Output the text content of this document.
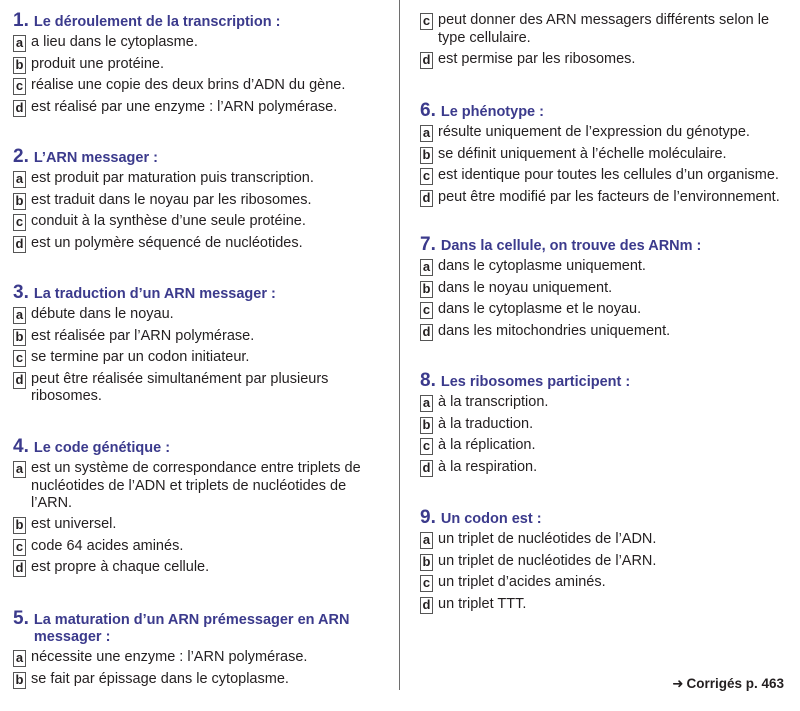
1. Le déroulement de la transcription :
a a lieu dans le cytoplasme.
b produit une protéine.
c réalise une copie des deux brins d’ADN du gène.
d est réalisé par une enzyme : l’ARN polymérase.
2. L’ARN messager :
a est produit par maturation puis transcription.
b est traduit dans le noyau par les ribosomes.
c conduit à la synthèse d’une seule protéine.
d est un polymère séquencé de nucléotides.
3. La traduction d’un ARN messager :
a débute dans le noyau.
b est réalisée par l’ARN polymérase.
c se termine par un codon initiateur.
d peut être réalisée simultanément par plusieurs ribosomes.
4. Le code génétique :
a est un système de correspondance entre triplets de nucléotides de l’ADN et triplets de nucléotides de l’ARN.
b est universel.
c code 64 acides aminés.
d est propre à chaque cellule.
5. La maturation d’un ARN prémessager en ARN messager :
a nécessite une enzyme : l’ARN polymérase.
b se fait par épissage dans le cytoplasme.
c peut donner des ARN messagers différents selon le type cellulaire.
d est permise par les ribosomes.
6. Le phénotype :
a résulte uniquement de l’expression du génotype.
b se définit uniquement à l’échelle moléculaire.
c est identique pour toutes les cellules d’un organisme.
d peut être modifié par les facteurs de l’environnement.
7. Dans la cellule, on trouve des ARNm :
a dans le cytoplasme uniquement.
b dans le noyau uniquement.
c dans le cytoplasme et le noyau.
d dans les mitochondries uniquement.
8. Les ribosomes participent :
a à la transcription.
b à la traduction.
c à la réplication.
d à la respiration.
9. Un codon est :
a un triplet de nucléotides de l’ADN.
b un triplet de nucléotides de l’ARN.
c un triplet d’acides aminés.
d un triplet TTT.
➜ Corrigés p. 463
